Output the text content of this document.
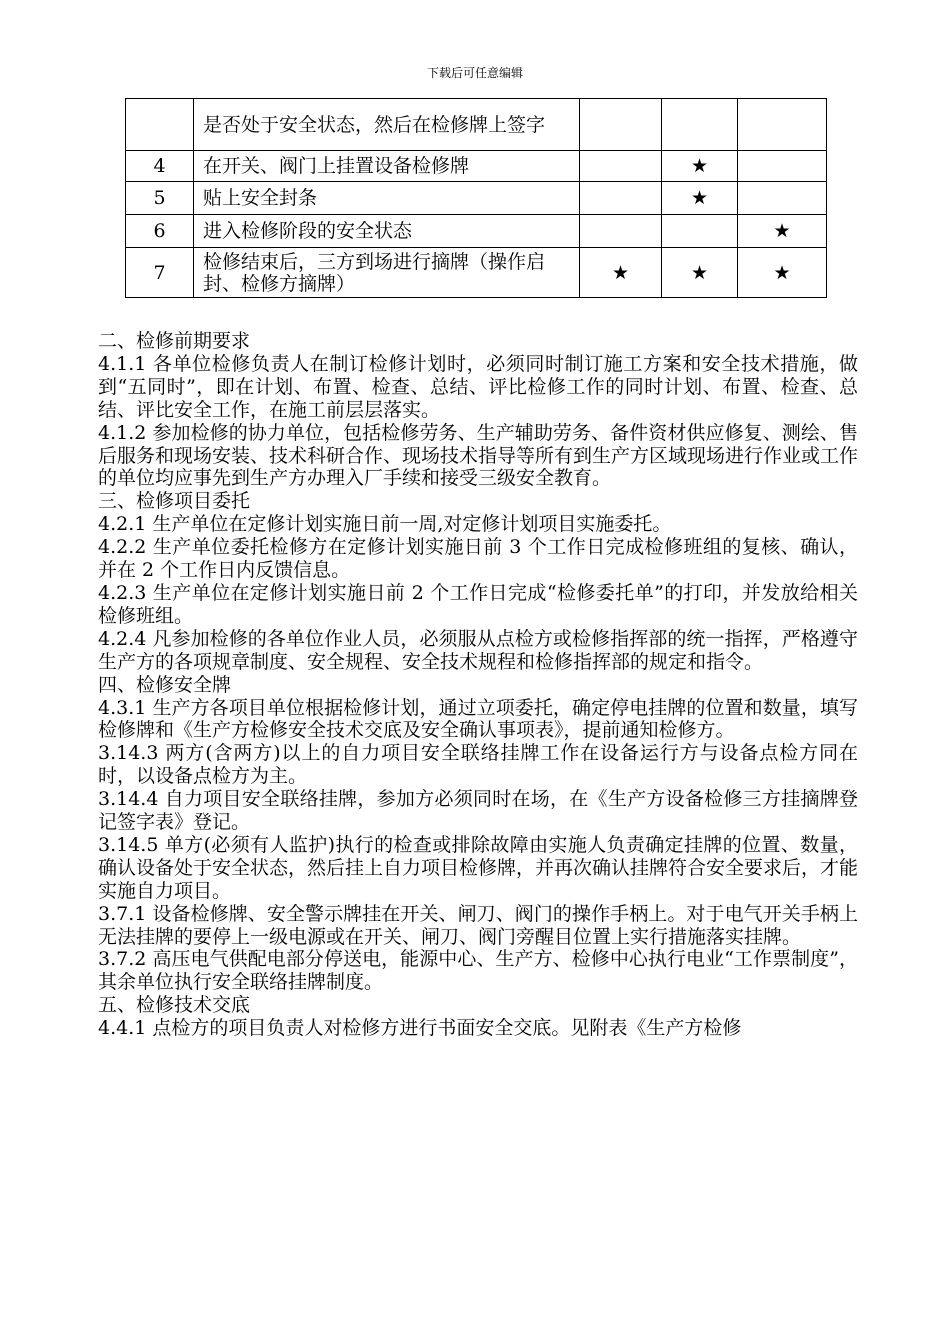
下载后可任意编辑
	是否处于安全状态，然后在检修牌上签字			
4	在开关、阀门上挂置设备检修牌		★	
5	贴上安全封条		★	
6	进入检修阶段的安全状态			★
7	检修结束后，三方到场进行摘牌（操作启封、检修方摘牌）	★	★	★

二、检修前期要求

4.1.1 各单位检修负责人在制订检修计划时，必须同时制订施工方案和安全技术措施，做到“五同时”，即在计划、布置、检查、总结、评比检修工作的同时计划、布置、检查、总结、评比安全工作，在施工前层层落实。

4.1.2 参加检修的协力单位，包括检修劳务、生产辅助劳务、备件资材供应修复、测绘、售后服务和现场安装、技术科研合作、现场技术指导等所有到生产方区域现场进行作业或工作的单位均应事先到生产方办理入厂手续和接受三级安全教育。

三、检修项目委托

4.2.1 生产单位在定修计划实施日前一周,对定修计划项目实施委托。

4.2.2 生产单位委托检修方在定修计划实施日前 3 个工作日完成检修班组的复核、确认，并在 2 个工作日内反馈信息。

4.2.3 生产单位在定修计划实施日前 2 个工作日完成“检修委托单”的打印，并发放给相关检修班组。

4.2.4 凡参加检修的各单位作业人员，必须服从点检方或检修指挥部的统一指挥，严格遵守生产方的各项规章制度、安全规程、安全技术规程和检修指挥部的规定和指令。

四、检修安全牌

4.3.1 生产方各项目单位根据检修计划，通过立项委托，确定停电挂牌的位置和数量，填写检修牌和《生产方检修安全技术交底及安全确认事项表》，提前通知检修方。

3.14.3 两方(含两方)以上的自力项目安全联络挂牌工作在设备运行方与设备点检方同在时，以设备点检方为主。

3.14.4 自力项目安全联络挂牌，参加方必须同时在场，在《生产方设备检修三方挂摘牌登记签字表》登记。

3.14.5 单方(必须有人监护)执行的检查或排除故障由实施人负责确定挂牌的位置、数量，确认设备处于安全状态，然后挂上自力项目检修牌，并再次确认挂牌符合安全要求后，才能实施自力项目。

3.7.1 设备检修牌、安全警示牌挂在开关、闸刀、阀门的操作手柄上。对于电气开关手柄上无法挂牌的要停上一级电源或在开关、闸刀、阀门旁醒目位置上实行措施落实挂牌。

3.7.2 高压电气供配电部分停送电，能源中心、生产方、检修中心执行电业“工作票制度”，其余单位执行安全联络挂牌制度。

五、检修技术交底

4.4.1 点检方的项目负责人对检修方进行书面安全交底。见附表《生产方检修
